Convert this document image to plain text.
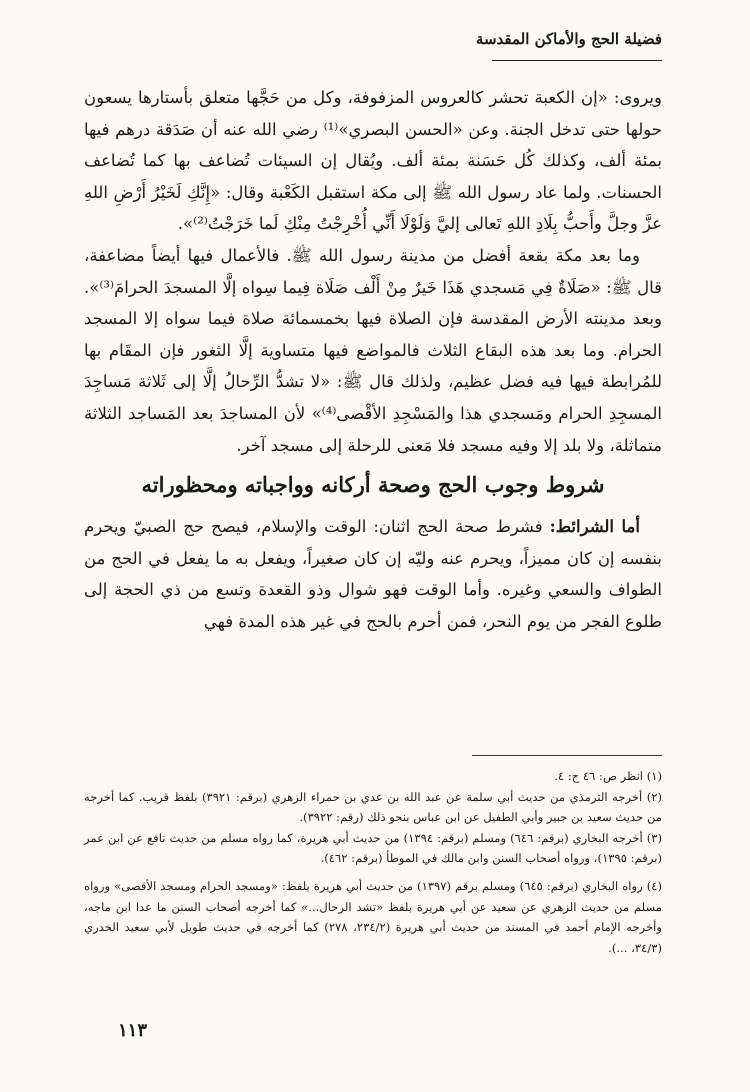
فضيلة الحج والأماكن المقدسة

ويروى: «إن الكعبة تحشر كالعروس المزفوفة، وكل من حَجَّها متعلق بأستارها يسعون حولها حتى تدخل الجنة. وعن «الحسن البصري»⁽¹⁾ رضي الله عنه أن صَدَقة درهم فيها بمئة ألف، وكذلك كُل حَسَنة بمئة ألف. ويُقال إن السيئات تُضاعف بها كما تُضاعف الحسنات. ولما عاد رسول الله ﷺ إلى مكة استقبل الكَعْبة وقال: «إِنَّكِ لَخَيْرُ أَرْضِ اللهِ عزَّ وجلَّ وأَحبُّ بِلَادِ اللهِ تَعالى إليَّ وَلَوْلَا أَنِّي أُخْرِجْتُ مِنْكِ لَما خَرَجْتُ⁽²⁾».

وما بعد مكة بقعة أفضل من مدينة رسول الله ﷺ. فالأعمال فيها أيضاً مضاعفة، قال ﷺ: «صَلَاةٌ فِي مَسجدي هَذَا خَيرٌ مِنْ أَلْف صَلَاة فِيما سِواه إلَّا المسجدَ الحرامَ⁽³⁾». وبعد مدينته الأرض المقدسة فإن الصلاة فيها بخمسمائة صلاة فيما سواه إلا المسجد الحرام. وما بعد هذه البقاع الثلاث فالمواضع فيها متساوية إلَّا الثغور فإن المقَام بها للمُرابطة فيها فيه فضل عظيم، ولذلك قال ﷺ: «لا تشدُّ الرِّحالُ إلَّا إلى ثَلاثة مَساجِدَ المسجِدِ الحرام ومَسجدي هذا والمَسْجِدِ الأقْصى⁽⁴⁾» لأن المساجدَ بعد المَساجد الثلاثة متماثلة، ولا بلد إلا وفيه مسجد فلا مَعنى للرحلة إلى مسجد آخر.

شروط وجوب الحج وصحة أركانه وواجباته ومحظوراته

أما الشرائط: فشرط صحة الحج اثنان: الوقت والإسلام، فيصح حج الصبيّ ويحرم بنفسه إن كان مميزاً، ويحرم عنه وليّه إن كان صغيراً، ويفعل به ما يفعل في الحج من الطواف والسعي وغيره. وأما الوقت فهو شوال وذو القعدة وتسع من ذي الحجة إلى طلوع الفجر من يوم النحر، فمن أحرم بالحج في غير هذه المدة فهي

(١) انظر ص: ٤٦ ح: ٤.

(٢) أخرجه الترمذي من حديث أبي سلمة عن عبد الله بن عدي بن حمراء الزهري (برقم: ٣٩٢١) بلفظ قريب. كما أخرجه من حديث سعيد بن جبير وأبي الطفيل عن ابن عباس بنحو ذلك (رقم: ٣٩٢٢).

(٣) أخرجه البخاري (برقم: ٦٤٦) ومسلم (برقم: ١٣٩٤) من حديث أبي هريرة، كما رواه مسلم من حديث نافع عن ابن عمر (برقم: ١٣٩٥)، ورواه أصحاب السنن وابن مالك في الموطأ (برقم: ٤٦٢).

(٤) رواه البخاري (برقم: ٦٤٥) ومسلم برقم (١٣٩٧) من حديث أبي هريرة بلفظ: «ومسجد الحرام ومسجد الأقصى» ورواه مسلم من حديث الزهري عن سعيد عن أبي هريرة بلفظ «تشد الرحال...» كما أخرجه أصحاب السنن ما عدا ابن ماجه، وأخرجه الإمام أحمد في المسند من حديث أبي هريرة (٢٣٤/٢، ٢٧٨) كما أخرجه في حديث طويل لأبي سعيد الخدري (٣٤/٣، ...).

١١٣
